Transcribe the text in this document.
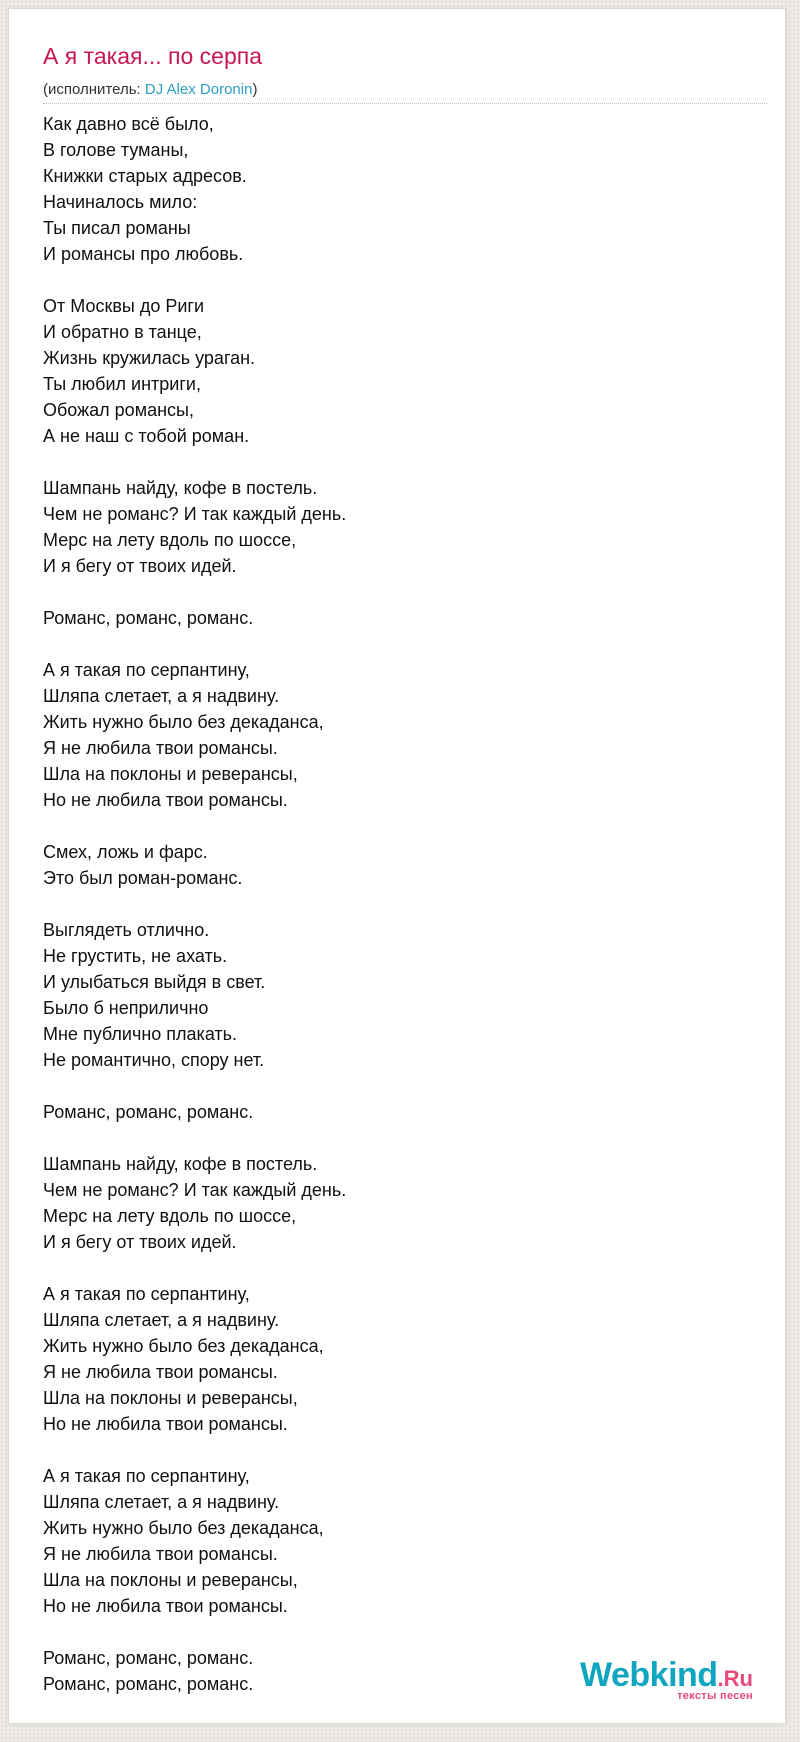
А я такая... по серпа
(исполнитель: DJ Alex Doronin)
Как давно всё было,
В голове туманы,
Книжки старых адресов.
Начиналось мило:
Ты писал романы
И романсы про любовь.
От Москвы до Риги
И обратно в танце,
Жизнь кружилась ураган.
Ты любил интриги,
Обожал романсы,
А не наш с тобой роман.
Шампань найду, кофе в постель.
Чем не романс? И так каждый день.
Мерс на лету вдоль по шоссе,
И я бегу от твоих идей.
Романс, романс, романс.
А я такая по серпантину,
Шляпа слетает, а я надвину.
Жить нужно было без декаданса,
Я не любила твои романсы.
Шла на поклоны и реверансы,
Но не любила твои романсы.
Смех, ложь и фарс.
Это был роман-романс.
Выглядеть отлично.
Не грустить, не ахать.
И улыбаться выйдя в свет.
Было б неприлично
Мне публично плакать.
Не романтично, спору нет.
Романс, романс, романс.
Шампань найду, кофе в постель.
Чем не романс? И так каждый день.
Мерс на лету вдоль по шоссе,
И я бегу от твоих идей.
А я такая по серпантину,
Шляпа слетает, а я надвину.
Жить нужно было без декаданса,
Я не любила твои романсы.
Шла на поклоны и реверансы,
Но не любила твои романсы.
А я такая по серпантину,
Шляпа слетает, а я надвину.
Жить нужно было без декаданса,
Я не любила твои романсы.
Шла на поклоны и реверансы,
Но не любила твои романсы.
Романс, романс, романс.
Романс, романс, романс.	Webkind.Ru
тексты песен
